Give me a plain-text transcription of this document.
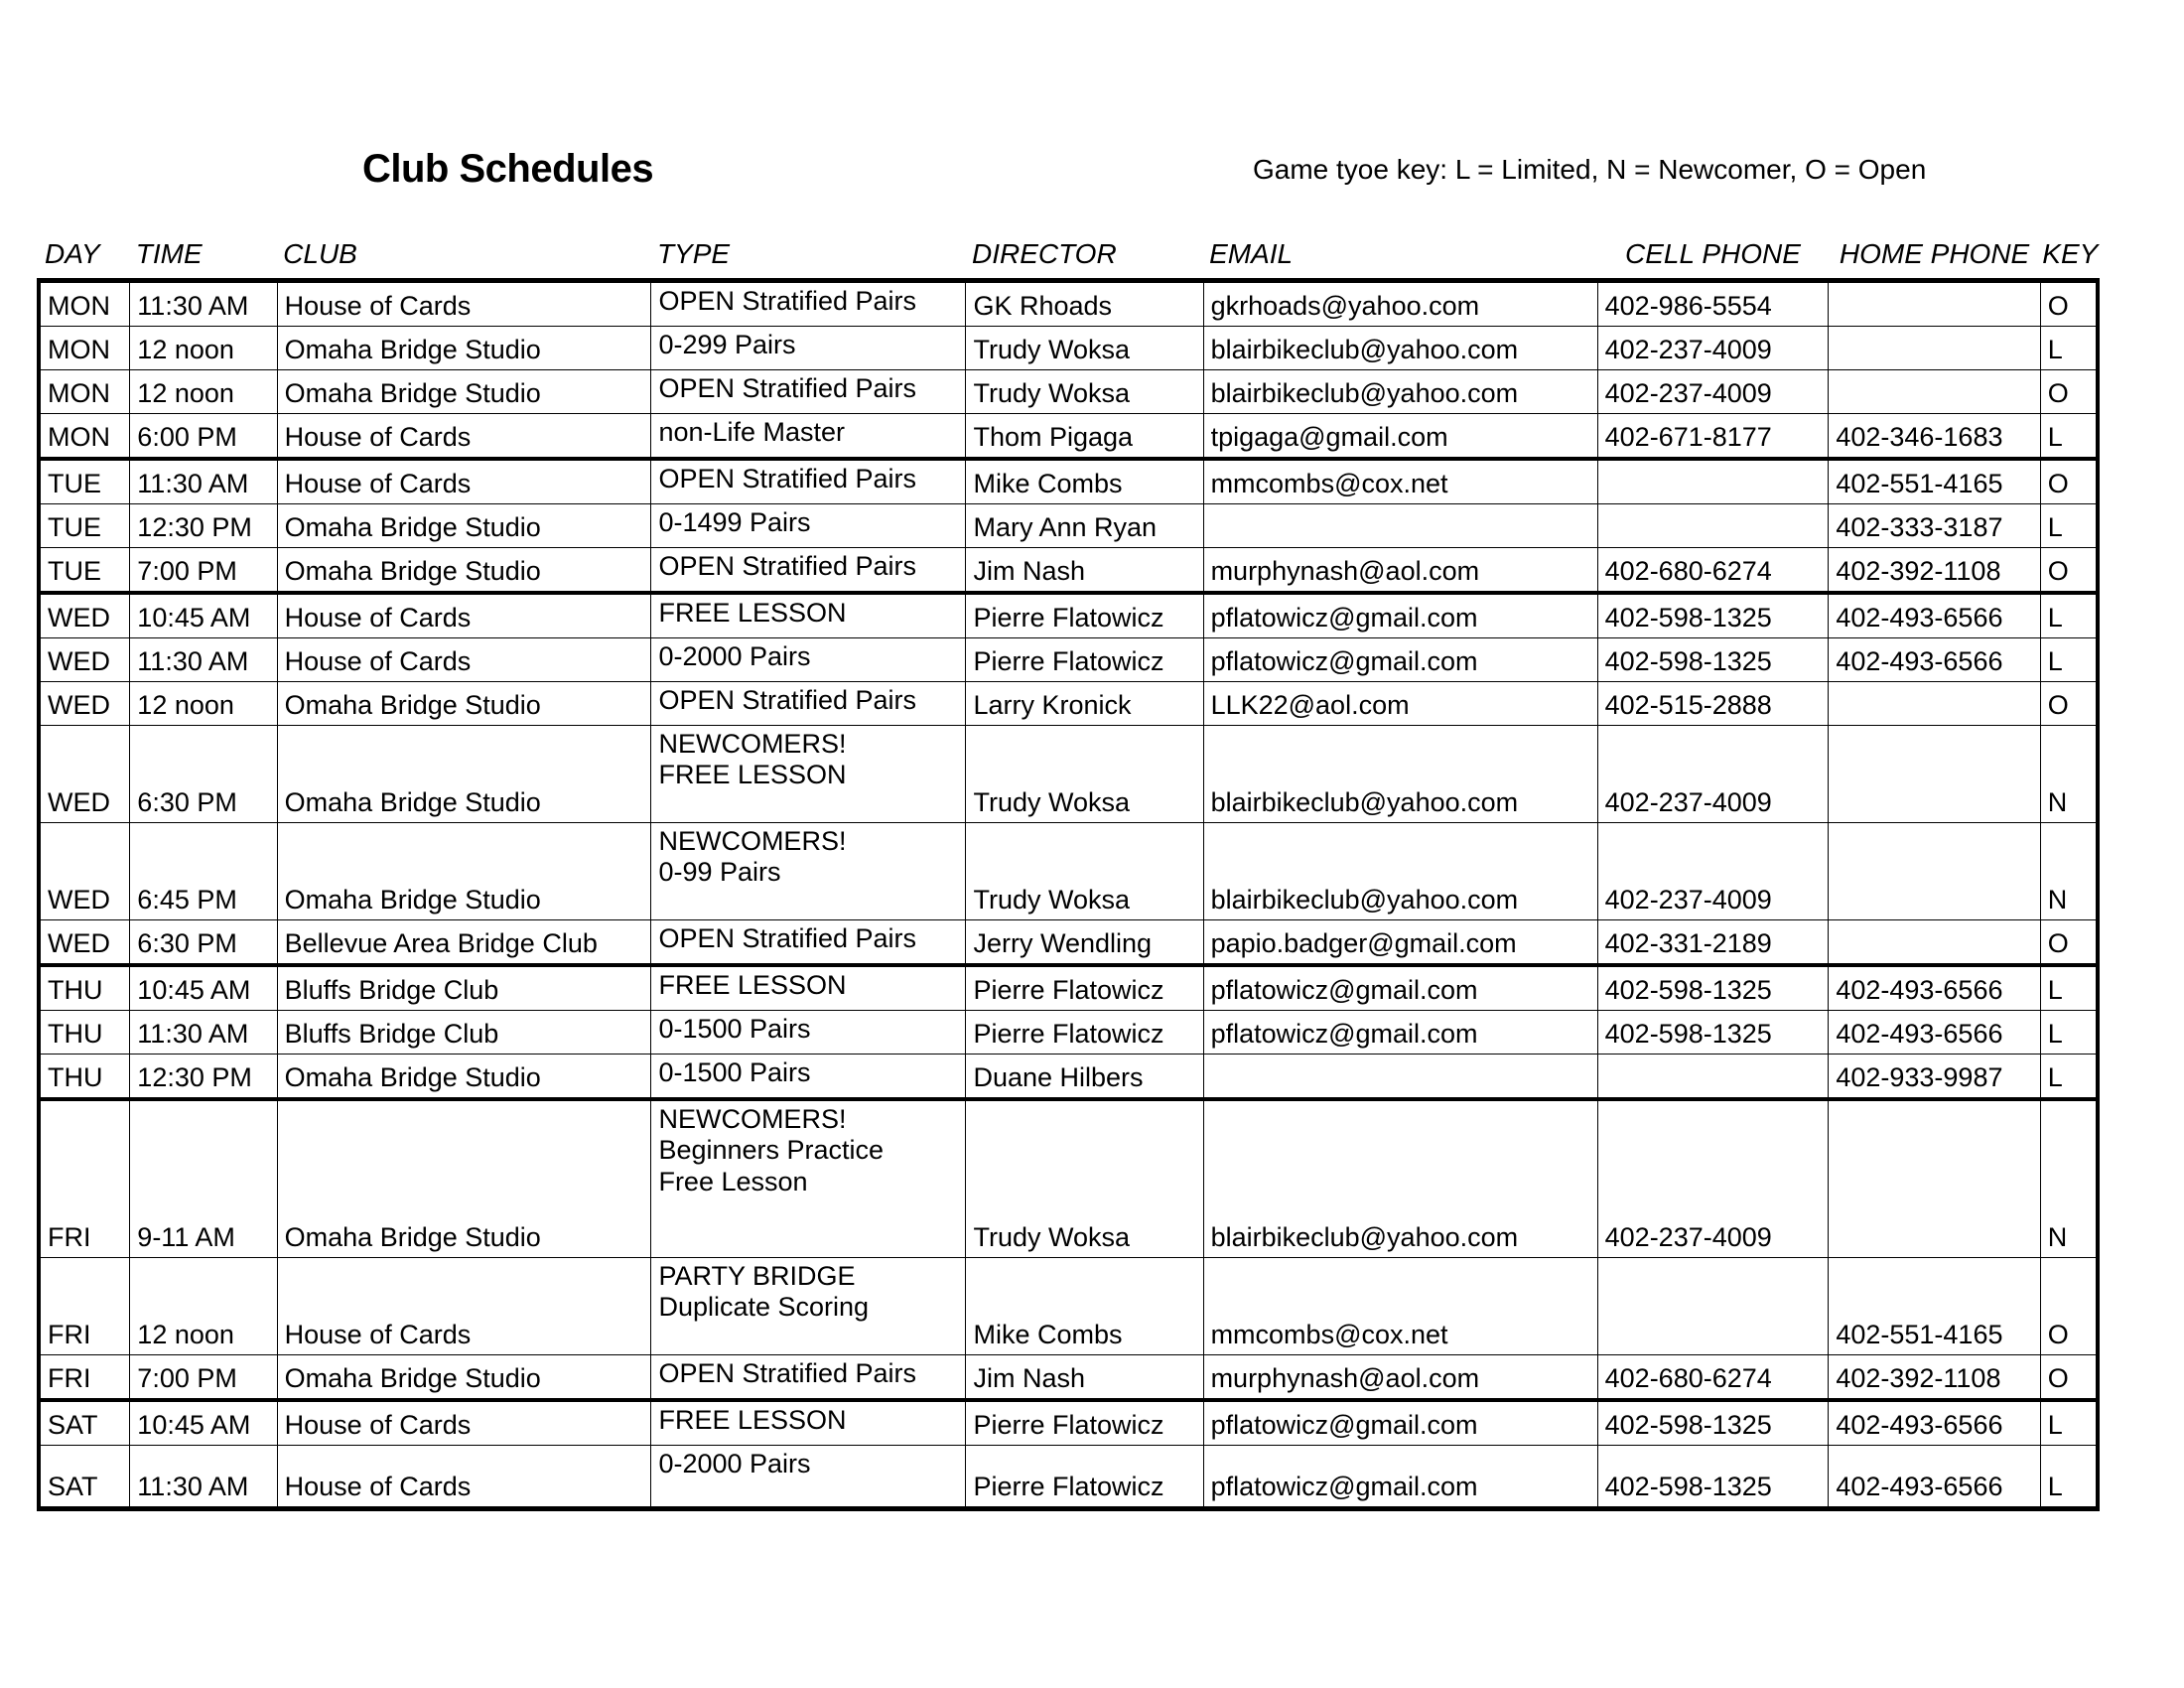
Club Schedules	Game tyoe key: L = Limited, N = Newcomer, O = Open
DAY	TIME	CLUB	TYPE	DIRECTOR	EMAIL	CELL PHONE	HOME PHONE	KEY
MON	11:30 AM	House of Cards	OPEN Stratified Pairs	GK Rhoads	gkrhoads@yahoo.com	402-986-5554		O
MON	12 noon	Omaha Bridge Studio	0-299 Pairs	Trudy Woksa	blairbikeclub@yahoo.com	402-237-4009		L
MON	12 noon	Omaha Bridge Studio	OPEN Stratified Pairs	Trudy Woksa	blairbikeclub@yahoo.com	402-237-4009		O
MON	6:00 PM	House of Cards	non-Life Master	Thom Pigaga	tpigaga@gmail.com	402-671-8177	402-346-1683	L
TUE	11:30 AM	House of Cards	OPEN Stratified Pairs	Mike Combs	mmcombs@cox.net		402-551-4165	O
TUE	12:30 PM	Omaha Bridge Studio	0-1499 Pairs	Mary Ann Ryan			402-333-3187	L
TUE	7:00 PM	Omaha Bridge Studio	OPEN Stratified Pairs	Jim Nash	murphynash@aol.com	402-680-6274	402-392-1108	O
WED	10:45 AM	House of Cards	FREE LESSON	Pierre Flatowicz	pflatowicz@gmail.com	402-598-1325	402-493-6566	L
WED	11:30 AM	House of Cards	0-2000 Pairs	Pierre Flatowicz	pflatowicz@gmail.com	402-598-1325	402-493-6566	L
WED	12 noon	Omaha Bridge Studio	OPEN Stratified Pairs	Larry Kronick	LLK22@aol.com	402-515-2888		O
WED	6:30 PM	Omaha Bridge Studio	NEWCOMERS!
FREE LESSON	Trudy Woksa	blairbikeclub@yahoo.com	402-237-4009		N
WED	6:45 PM	Omaha Bridge Studio	NEWCOMERS!
0-99 Pairs	Trudy Woksa	blairbikeclub@yahoo.com	402-237-4009		N
WED	6:30 PM	Bellevue Area Bridge Club	OPEN Stratified Pairs	Jerry Wendling	papio.badger@gmail.com	402-331-2189		O
THU	10:45 AM	Bluffs Bridge Club	FREE LESSON	Pierre Flatowicz	pflatowicz@gmail.com	402-598-1325	402-493-6566	L
THU	11:30 AM	Bluffs Bridge Club	0-1500 Pairs	Pierre Flatowicz	pflatowicz@gmail.com	402-598-1325	402-493-6566	L
THU	12:30 PM	Omaha Bridge Studio	0-1500 Pairs	Duane Hilbers			402-933-9987	L
FRI	9-11 AM	Omaha Bridge Studio	NEWCOMERS!
Beginners Practice
Free Lesson	Trudy Woksa	blairbikeclub@yahoo.com	402-237-4009		N
FRI	12 noon	House of Cards	PARTY BRIDGE
Duplicate Scoring	Mike Combs	mmcombs@cox.net		402-551-4165	O
FRI	7:00 PM	Omaha Bridge Studio	OPEN Stratified Pairs	Jim Nash	murphynash@aol.com	402-680-6274	402-392-1108	O
SAT	10:45 AM	House of Cards	FREE LESSON	Pierre Flatowicz	pflatowicz@gmail.com	402-598-1325	402-493-6566	L
SAT	11:30 AM	House of Cards	0-2000 Pairs	Pierre Flatowicz	pflatowicz@gmail.com	402-598-1325	402-493-6566	L
